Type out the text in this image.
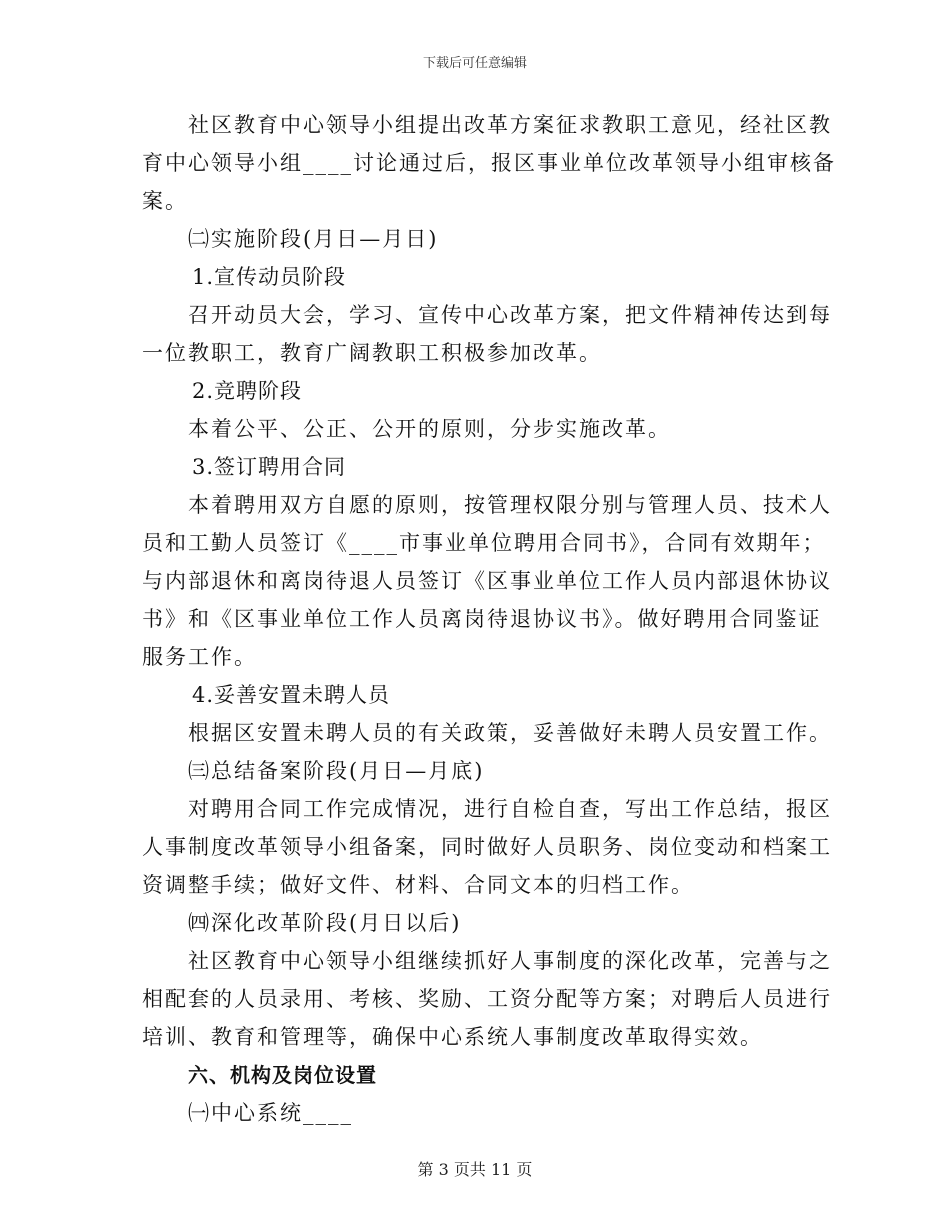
下载后可任意编辑
社区教育中心领导小组提出改革方案征求教职工意见，经社区教
育中心领导小组____讨论通过后，报区事业单位改革领导小组审核备
案。
㈡实施阶段(月日—月日)
1.宣传动员阶段
召开动员大会，学习、宣传中心改革方案，把文件精神传达到每
一位教职工，教育广阔教职工积极参加改革。
2.竞聘阶段
本着公平、公正、公开的原则，分步实施改革。
3.签订聘用合同
本着聘用双方自愿的原则，按管理权限分别与管理人员、技术人
员和工勤人员签订《____市事业单位聘用合同书》，合同有效期年；
与内部退休和离岗待退人员签订《区事业单位工作人员内部退休协议
书》和《区事业单位工作人员离岗待退协议书》。做好聘用合同鉴证
服务工作。
4.妥善安置未聘人员
根据区安置未聘人员的有关政策，妥善做好未聘人员安置工作。
㈢总结备案阶段(月日—月底)
对聘用合同工作完成情况，进行自检自查，写出工作总结，报区
人事制度改革领导小组备案，同时做好人员职务、岗位变动和档案工
资调整手续；做好文件、材料、合同文本的归档工作。
㈣深化改革阶段(月日以后)
社区教育中心领导小组继续抓好人事制度的深化改革，完善与之
相配套的人员录用、考核、奖励、工资分配等方案；对聘后人员进行
培训、教育和管理等，确保中心系统人事制度改革取得实效。
六、机构及岗位设置
㈠中心系统____
第 3 页共 11 页
